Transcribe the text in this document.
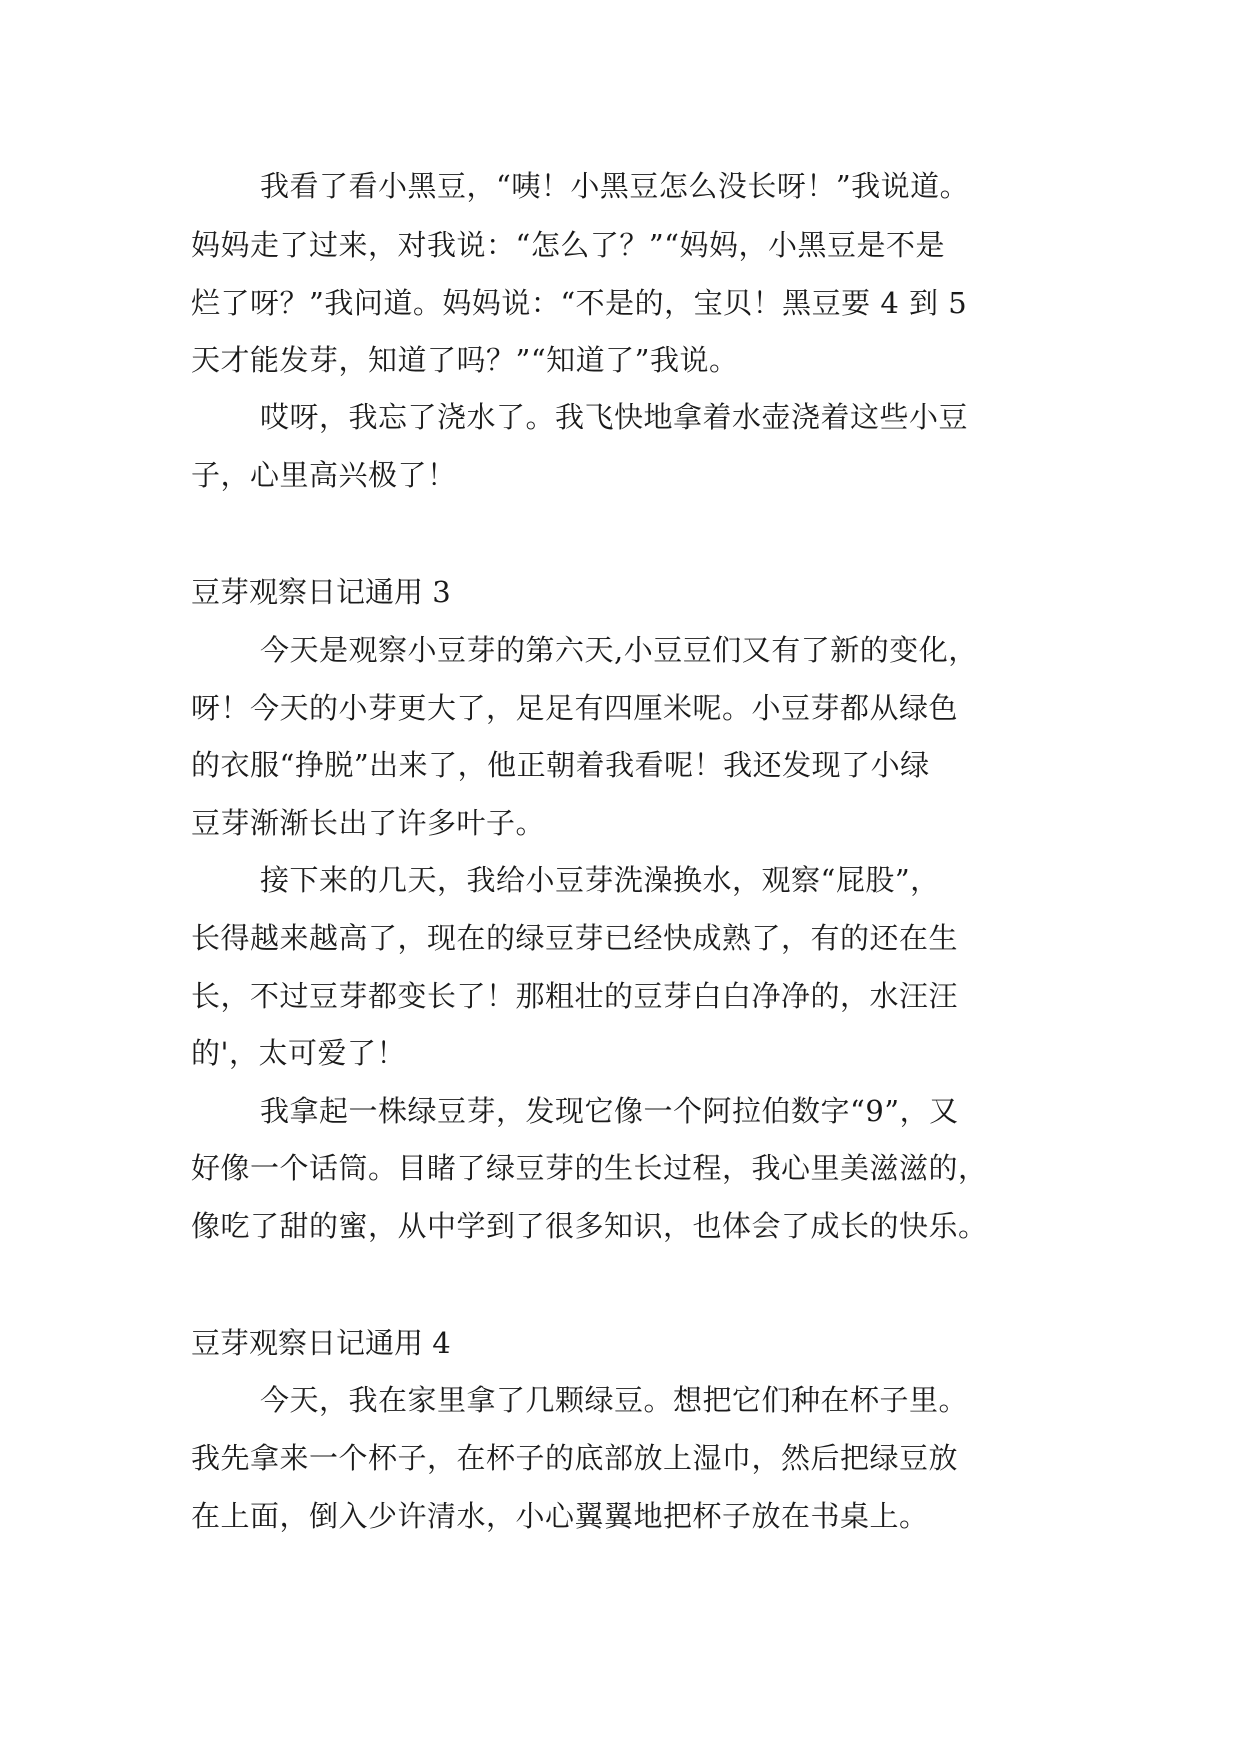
我看了看小黑豆，“咦！小黑豆怎么没长呀！”我说道。
妈妈走了过来，对我说：“怎么了？”“妈妈，小黑豆是不是
烂了呀？”我问道。妈妈说：“不是的，宝贝！黑豆要 4 到 5
天才能发芽，知道了吗？”“知道了”我说。
哎呀，我忘了浇水了。我飞快地拿着水壶浇着这些小豆
子，心里高兴极了！
豆芽观察日记通用 3
今天是观察小豆芽的第六天,小豆豆们又有了新的变化，
呀！今天的小芽更大了，足足有四厘米呢。小豆芽都从绿色
的衣服“挣脱”出来了，他正朝着我看呢！我还发现了小绿
豆芽渐渐长出了许多叶子。
接下来的几天，我给小豆芽洗澡换水，观察“屁股”，
长得越来越高了，现在的绿豆芽已经快成熟了，有的还在生
长，不过豆芽都变长了！那粗壮的豆芽白白净净的，水汪汪
的'，太可爱了！
我拿起一株绿豆芽，发现它像一个阿拉伯数字“9”，又
好像一个话筒。目睹了绿豆芽的生长过程，我心里美滋滋的，
像吃了甜的蜜，从中学到了很多知识，也体会了成长的快乐。
豆芽观察日记通用 4
今天，我在家里拿了几颗绿豆。想把它们种在杯子里。
我先拿来一个杯子，在杯子的底部放上湿巾，然后把绿豆放
在上面，倒入少许清水，小心翼翼地把杯子放在书桌上。
